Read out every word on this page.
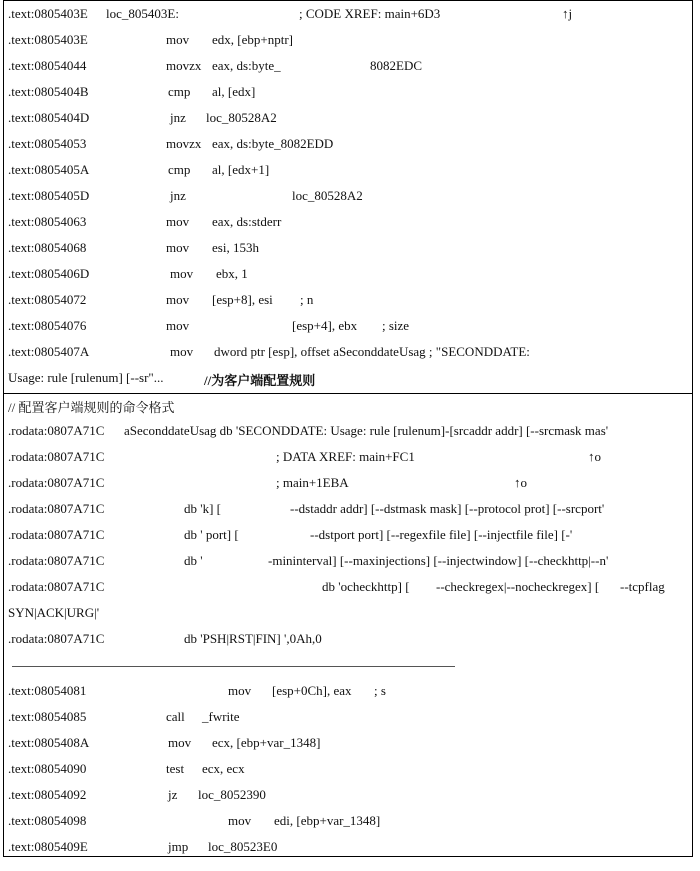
.text:0805403E loc_805403E:	; CODE XREF: main+6D3	↑j
.text:0805403E	mov edx, [ebp+nptr]
.text:08054044	movzx eax, ds:byte_	8082EDC
.text:0805404B	cmp al, [edx]
.text:0805404D	jnz loc_80528A2
.text:08054053	movzx eax, ds:byte_8082EDD
.text:0805405A	cmp al, [edx+1]
.text:0805405D	jnz	loc_80528A2
.text:08054063	mov eax, ds:stderr
.text:08054068	mov esi, 153h
.text:0805406D	mov ebx, 1
.text:08054072	mov [esp+8], esi ; n
.text:08054076	mov	[esp+4], ebx ; size
.text:0805407A	mov dword ptr [esp], offset aSeconddateUsag ; "SECONDDATE:
Usage: rule [rulenum] [--sr"...	//为客户端配置规则
// 配置客户端规则的命令格式
.rodata:0807A71C aSeconddateUsag db 'SECONDDATE: Usage: rule [rulenum]-[srcaddr addr] [--srcmask mas'
.rodata:0807A71C	; DATA XREF: main+FC1	↑o
.rodata:0807A71C	; main+1EBA	↑o
.rodata:0807A71C	db 'k] [	--dstaddr addr] [--dstmask mask] [--protocol prot] [--srcport'
.rodata:0807A71C	db ' port] [	--dstport port] [--regexfile file] [--injectfile file] [-'
.rodata:0807A71C	db '	-mininterval] [--maxinjections] [--injectwindow] [--checkhttp|--n'
.rodata:0807A71C	db 'ocheckhttp] [ --checkregex|--nocheckregex] [ --tcpflag
SYN|ACK|URG|'
.rodata:0807A71C	db 'PSH|RST|FIN] ',0Ah,0
.text:08054081	mov [esp+0Ch], eax ; s
.text:08054085	call _fwrite
.text:0805408A	mov ecx, [ebp+var_1348]
.text:08054090	test ecx, ecx
.text:08054092	jz loc_8052390
.text:08054098	mov edi, [ebp+var_1348]
.text:0805409E	jmp loc_80523E0
